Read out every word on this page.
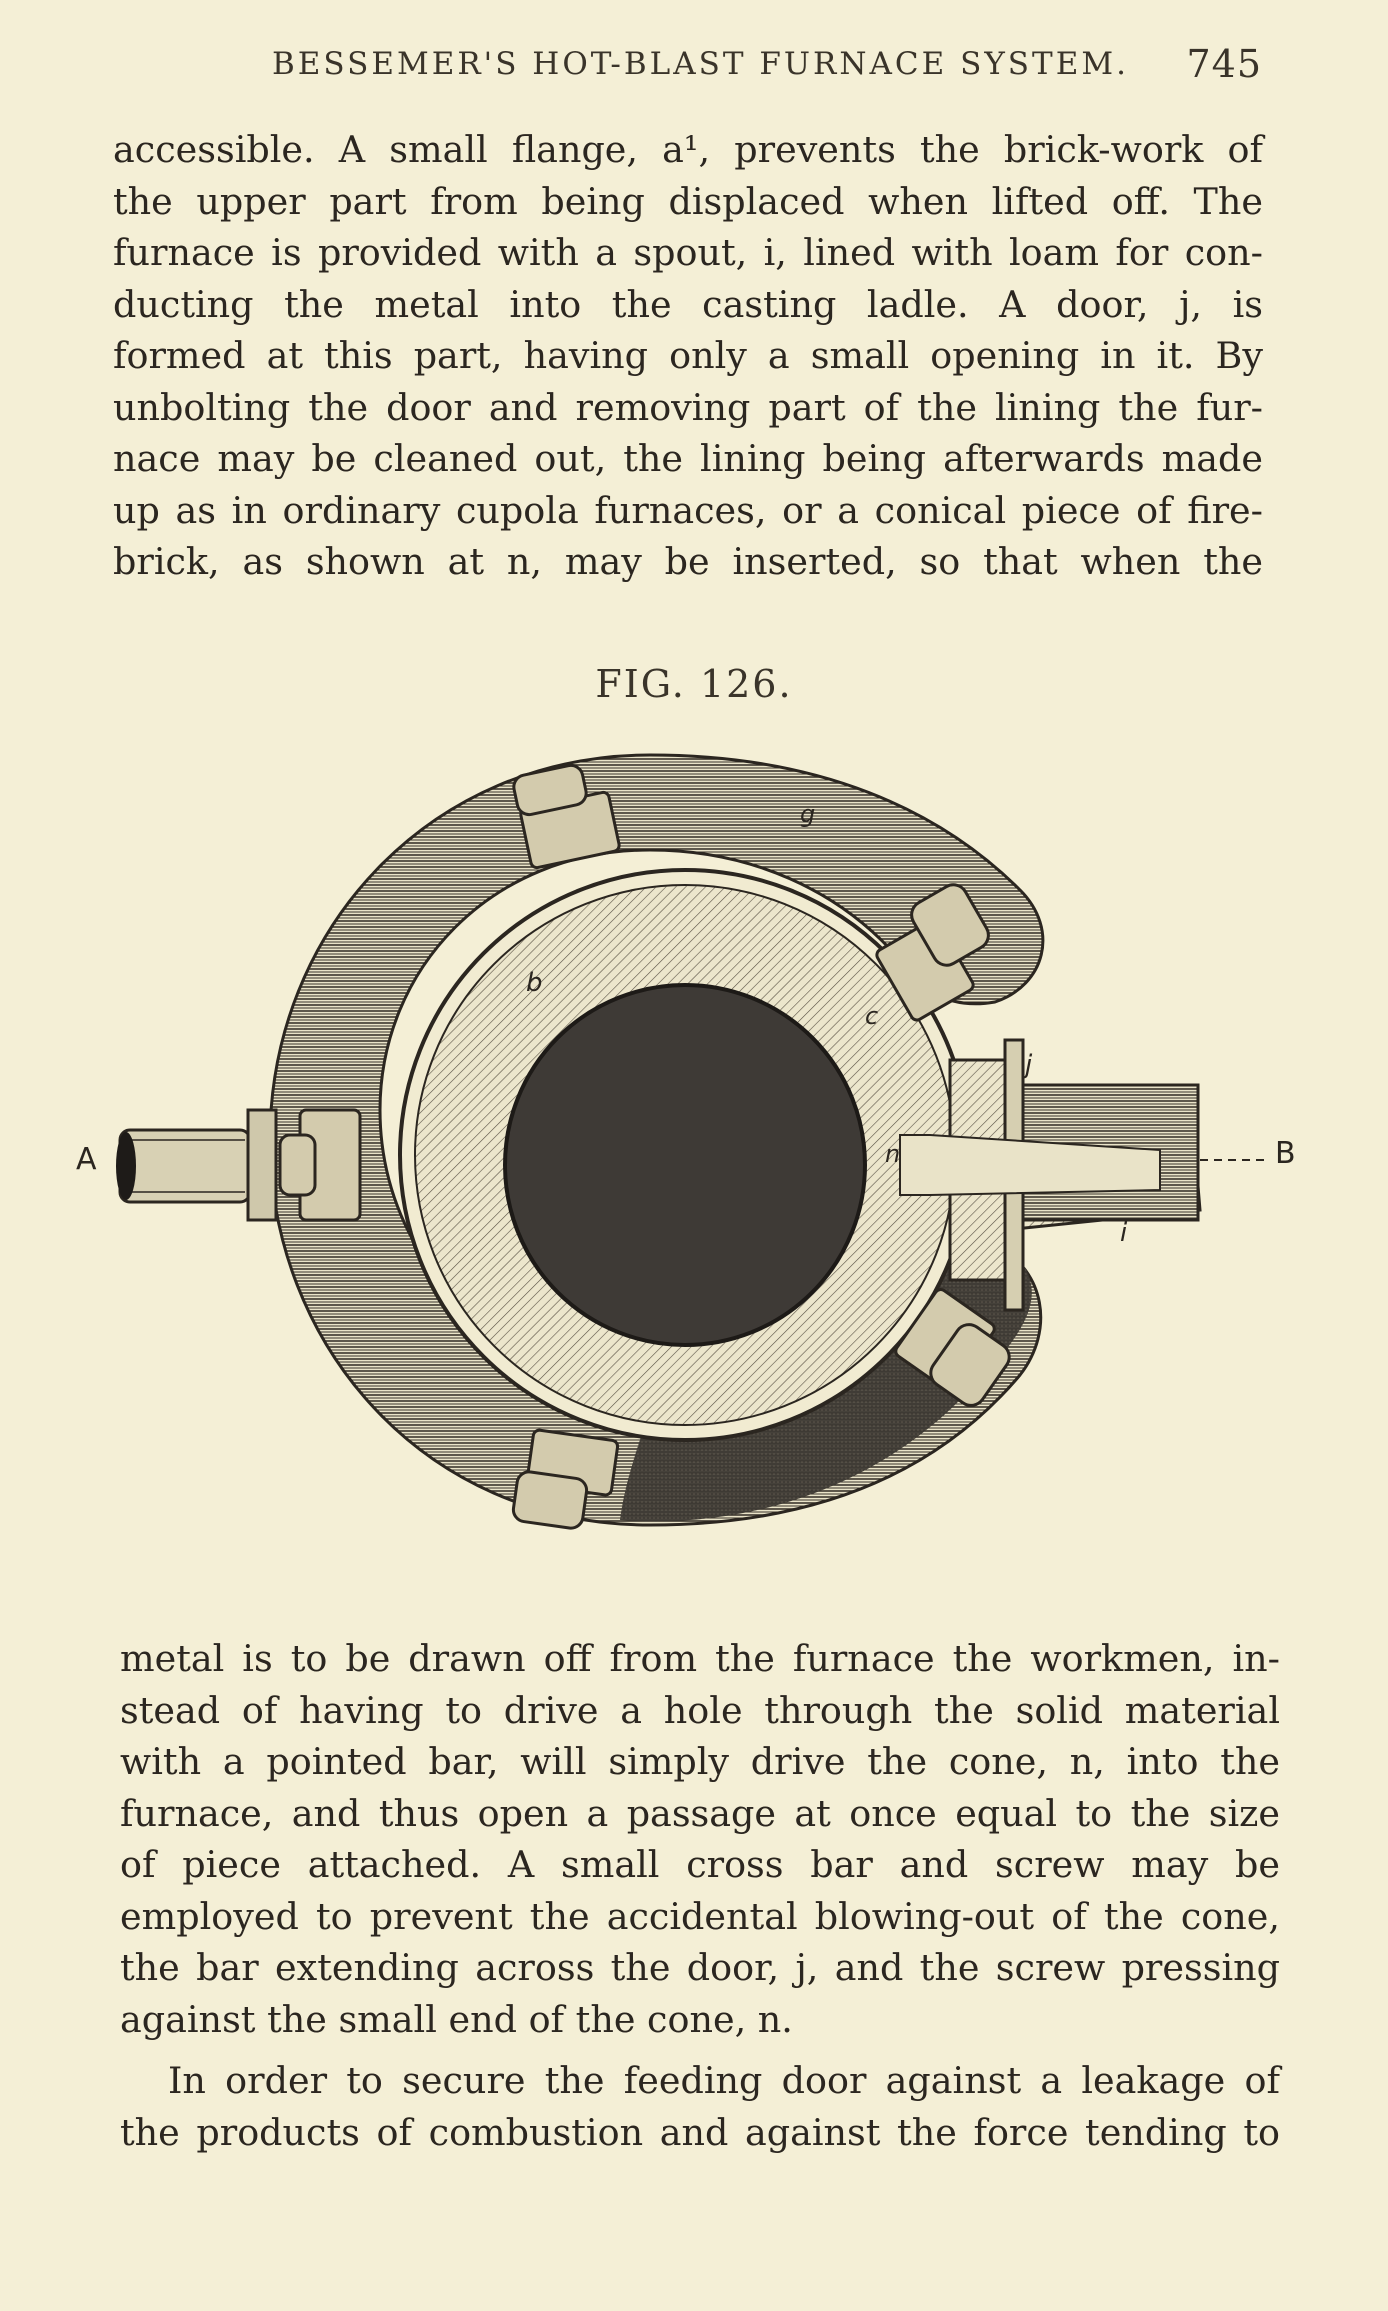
BESSEMER'S HOT-BLAST FURNACE SYSTEM. 745
accessible. A small flange, a¹, prevents the brick-work of
the upper part from being displaced when lifted off. The
furnace is provided with a spout, i, lined with loam for con-
ducting the metal into the casting ladle. A door, j, is
formed at this part, having only a small opening in it. By
unbolting the door and removing part of the lining the fur-
nace may be cleaned out, the lining being afterwards made
up as in ordinary cupola furnaces, or a conical piece of fire-
brick, as shown at n, may be inserted, so that when the
FIG. 126.
A	B
g
b
c
j
n
i
metal is to be drawn off from the furnace the workmen, in-
stead of having to drive a hole through the solid material
with a pointed bar, will simply drive the cone, n, into the
furnace, and thus open a passage at once equal to the size
of piece attached. A small cross bar and screw may be
employed to prevent the accidental blowing-out of the cone,
the bar extending across the door, j, and the screw pressing
against the small end of the cone, n.
In order to secure the feeding door against a leakage of
the products of combustion and against the force tending to
